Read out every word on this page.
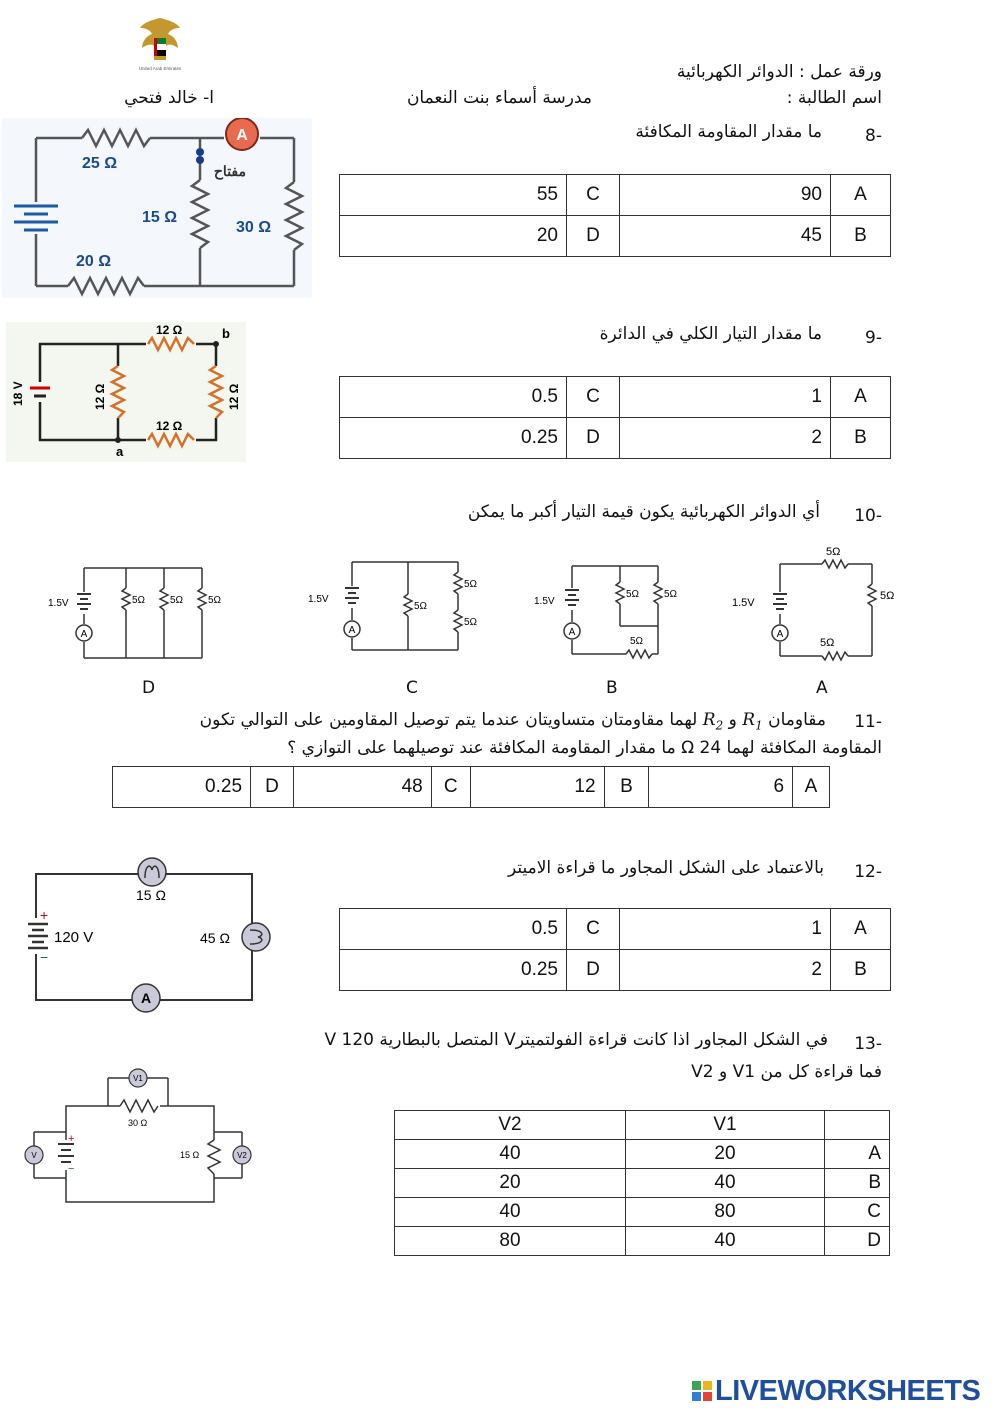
United Arab Emirates	ورقة عمل : الدوائر الكهربائية
اسم الطالبة :
مدرسة أسماء بنت النعمان
ا- خالد فتحي
-8
ما مقدار المقاومة المكافئة
A
25 Ω
15 Ω
30 Ω
20 Ω
مفتاح
55	C	90	A
20	D	45	B
-9
ما مقدار التيار الكلي في الدائرة
b
a
12 Ω
12 Ω
12 Ω	12 Ω
18 V	0.5	C	1	A
0.25	D	2	B
-10
أي الدوائر الكهربائية يكون قيمة التيار أكبر ما يمكن
A
1.5V	5Ω 5Ω 5Ω
D
A
1.5V
5Ω
5Ω
5Ω
C
A
1.5V
5Ω 5Ω
5Ω
B
A
1.5V
5Ω
5Ω
5Ω
A
-11
مقاومان $R_1$ و $R_2$ لهما مقاومتان متساويتان عندما يتم توصيل المقاومين على التوالي تكون
المقاومة المكافئة لهما 24 Ω ما مقدار المقاومة المكافئة عند توصيلهما على التوازي ؟
0.25	D	48	C	12	B	6	A
-12
بالاعتماد على الشكل المجاور ما قراءة الاميتر
+
−
120 V
15 Ω
45 Ω
A
0.5	C	1	A
0.25	D	2	B
-13
في الشكل المجاور اذا كانت قراءة الفولتميترV المتصل بالبطارية 120 V
فما قراءة كل من V1 و V2
+
−
V1
V	V2
30 Ω
15 Ω
V2	V1	
40	20	A
20	40	B
40	80	C
80	40	D
LIVEWORKSHEETS
